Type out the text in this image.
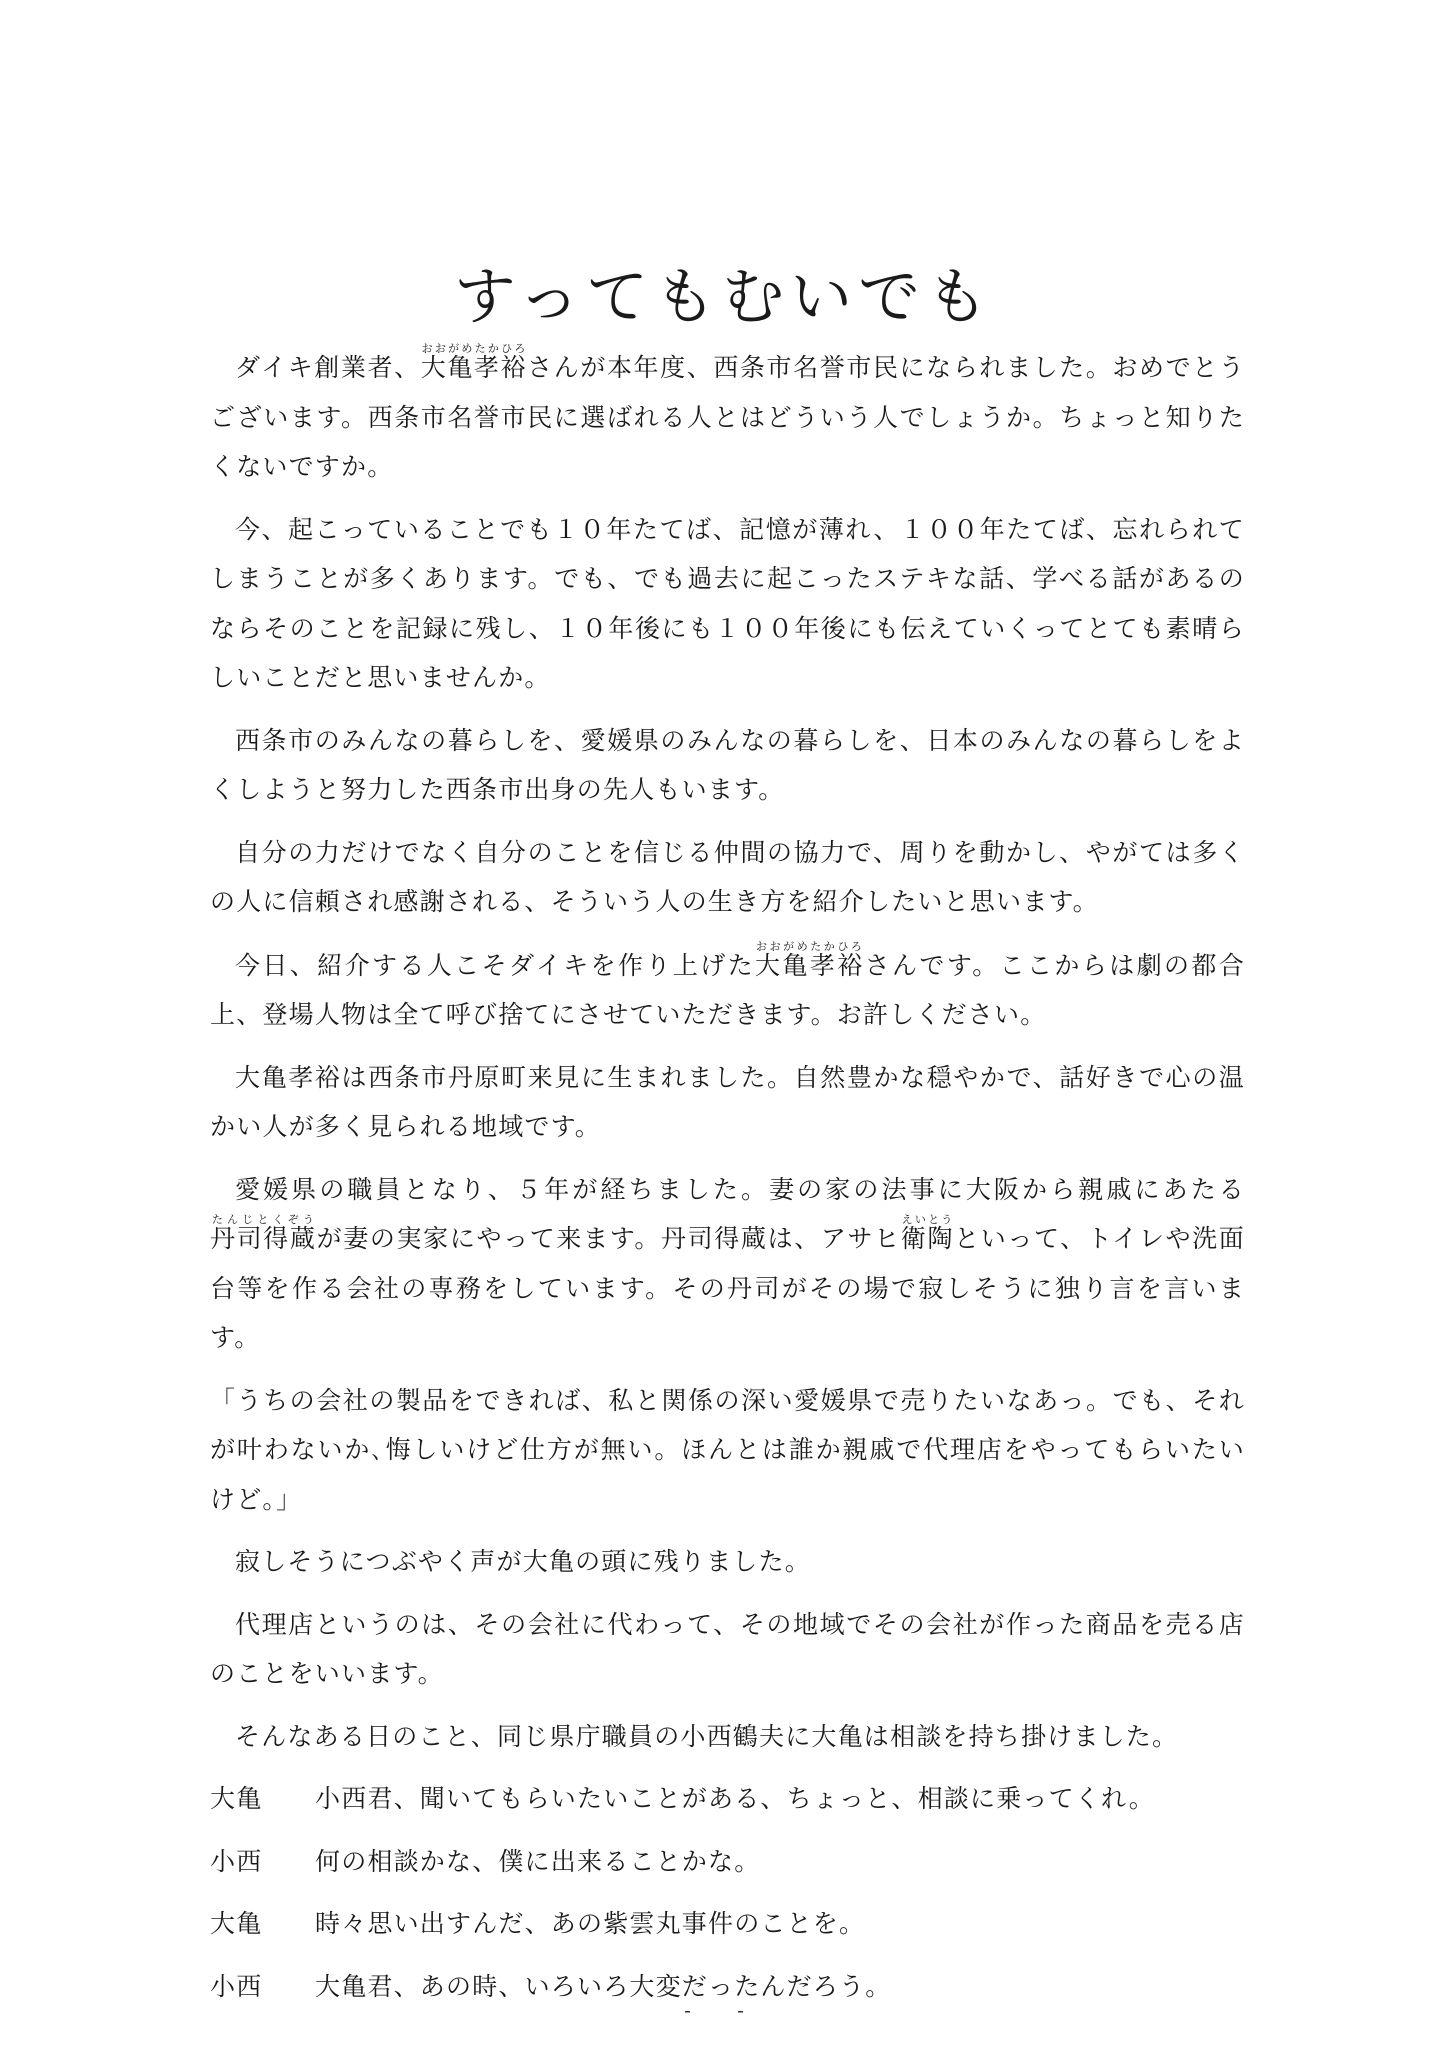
すってもむいでも

ダイキ創業者、大亀孝裕おおがめたかひろさんが本年度、西条市名誉市民になられました。おめでとうございます。西条市名誉市民に選ばれる人とはどういう人でしょうか。ちょっと知りたくないですか。

今、起こっていることでも１０年たてば、記憶が薄れ、１００年たてば、忘れられてしまうことが多くあります。でも、でも過去に起こったステキな話、学べる話があるのならそのことを記録に残し、１０年後にも１００年後にも伝えていくってとても素晴らしいことだと思いませんか。

西条市のみんなの暮らしを、愛媛県のみんなの暮らしを、日本のみんなの暮らしをよくしようと努力した西条市出身の先人もいます。

自分の力だけでなく自分のことを信じる仲間の協力で、周りを動かし、やがては多くの人に信頼され感謝される、そういう人の生き方を紹介したいと思います。

今日、紹介する人こそダイキを作り上げた大亀孝裕おおがめたかひろさんです。ここからは劇の都合上、登場人物は全て呼び捨てにさせていただきます。お許しください。

大亀孝裕は西条市丹原町来見に生まれました。自然豊かな穏やかで、話好きで心の温かい人が多く見られる地域です。

愛媛県の職員となり、５年が経ちました。妻の家の法事に大阪から親戚にあたる丹司得蔵たんじとくぞうが妻の実家にやって来ます。丹司得蔵は、アサヒ衛陶えいとうといって、トイレや洗面台等を作る会社の専務をしています。その丹司がその場で寂しそうに独り言を言います。

「うちの会社の製品をできれば、私と関係の深い愛媛県で売りたいなあっ。でも、それが叶わないか､悔しいけど仕方が無い。ほんとは誰か親戚で代理店をやってもらいたいけど。」

寂しそうにつぶやく声が大亀の頭に残りました。

代理店というのは、その会社に代わって、その地域でその会社が作った商品を売る店のことをいいます。

そんなある日のこと、同じ県庁職員の小西鶴夫に大亀は相談を持ち掛けました。

大亀	小西君、聞いてもらいたいことがある、ちょっと、相談に乗ってくれ。
小西	何の相談かな、僕に出来ることかな。
大亀	時々思い出すんだ、あの紫雲丸事件のことを。
小西	大亀君、あの時、いろいろ大変だったんだろう。
- -
